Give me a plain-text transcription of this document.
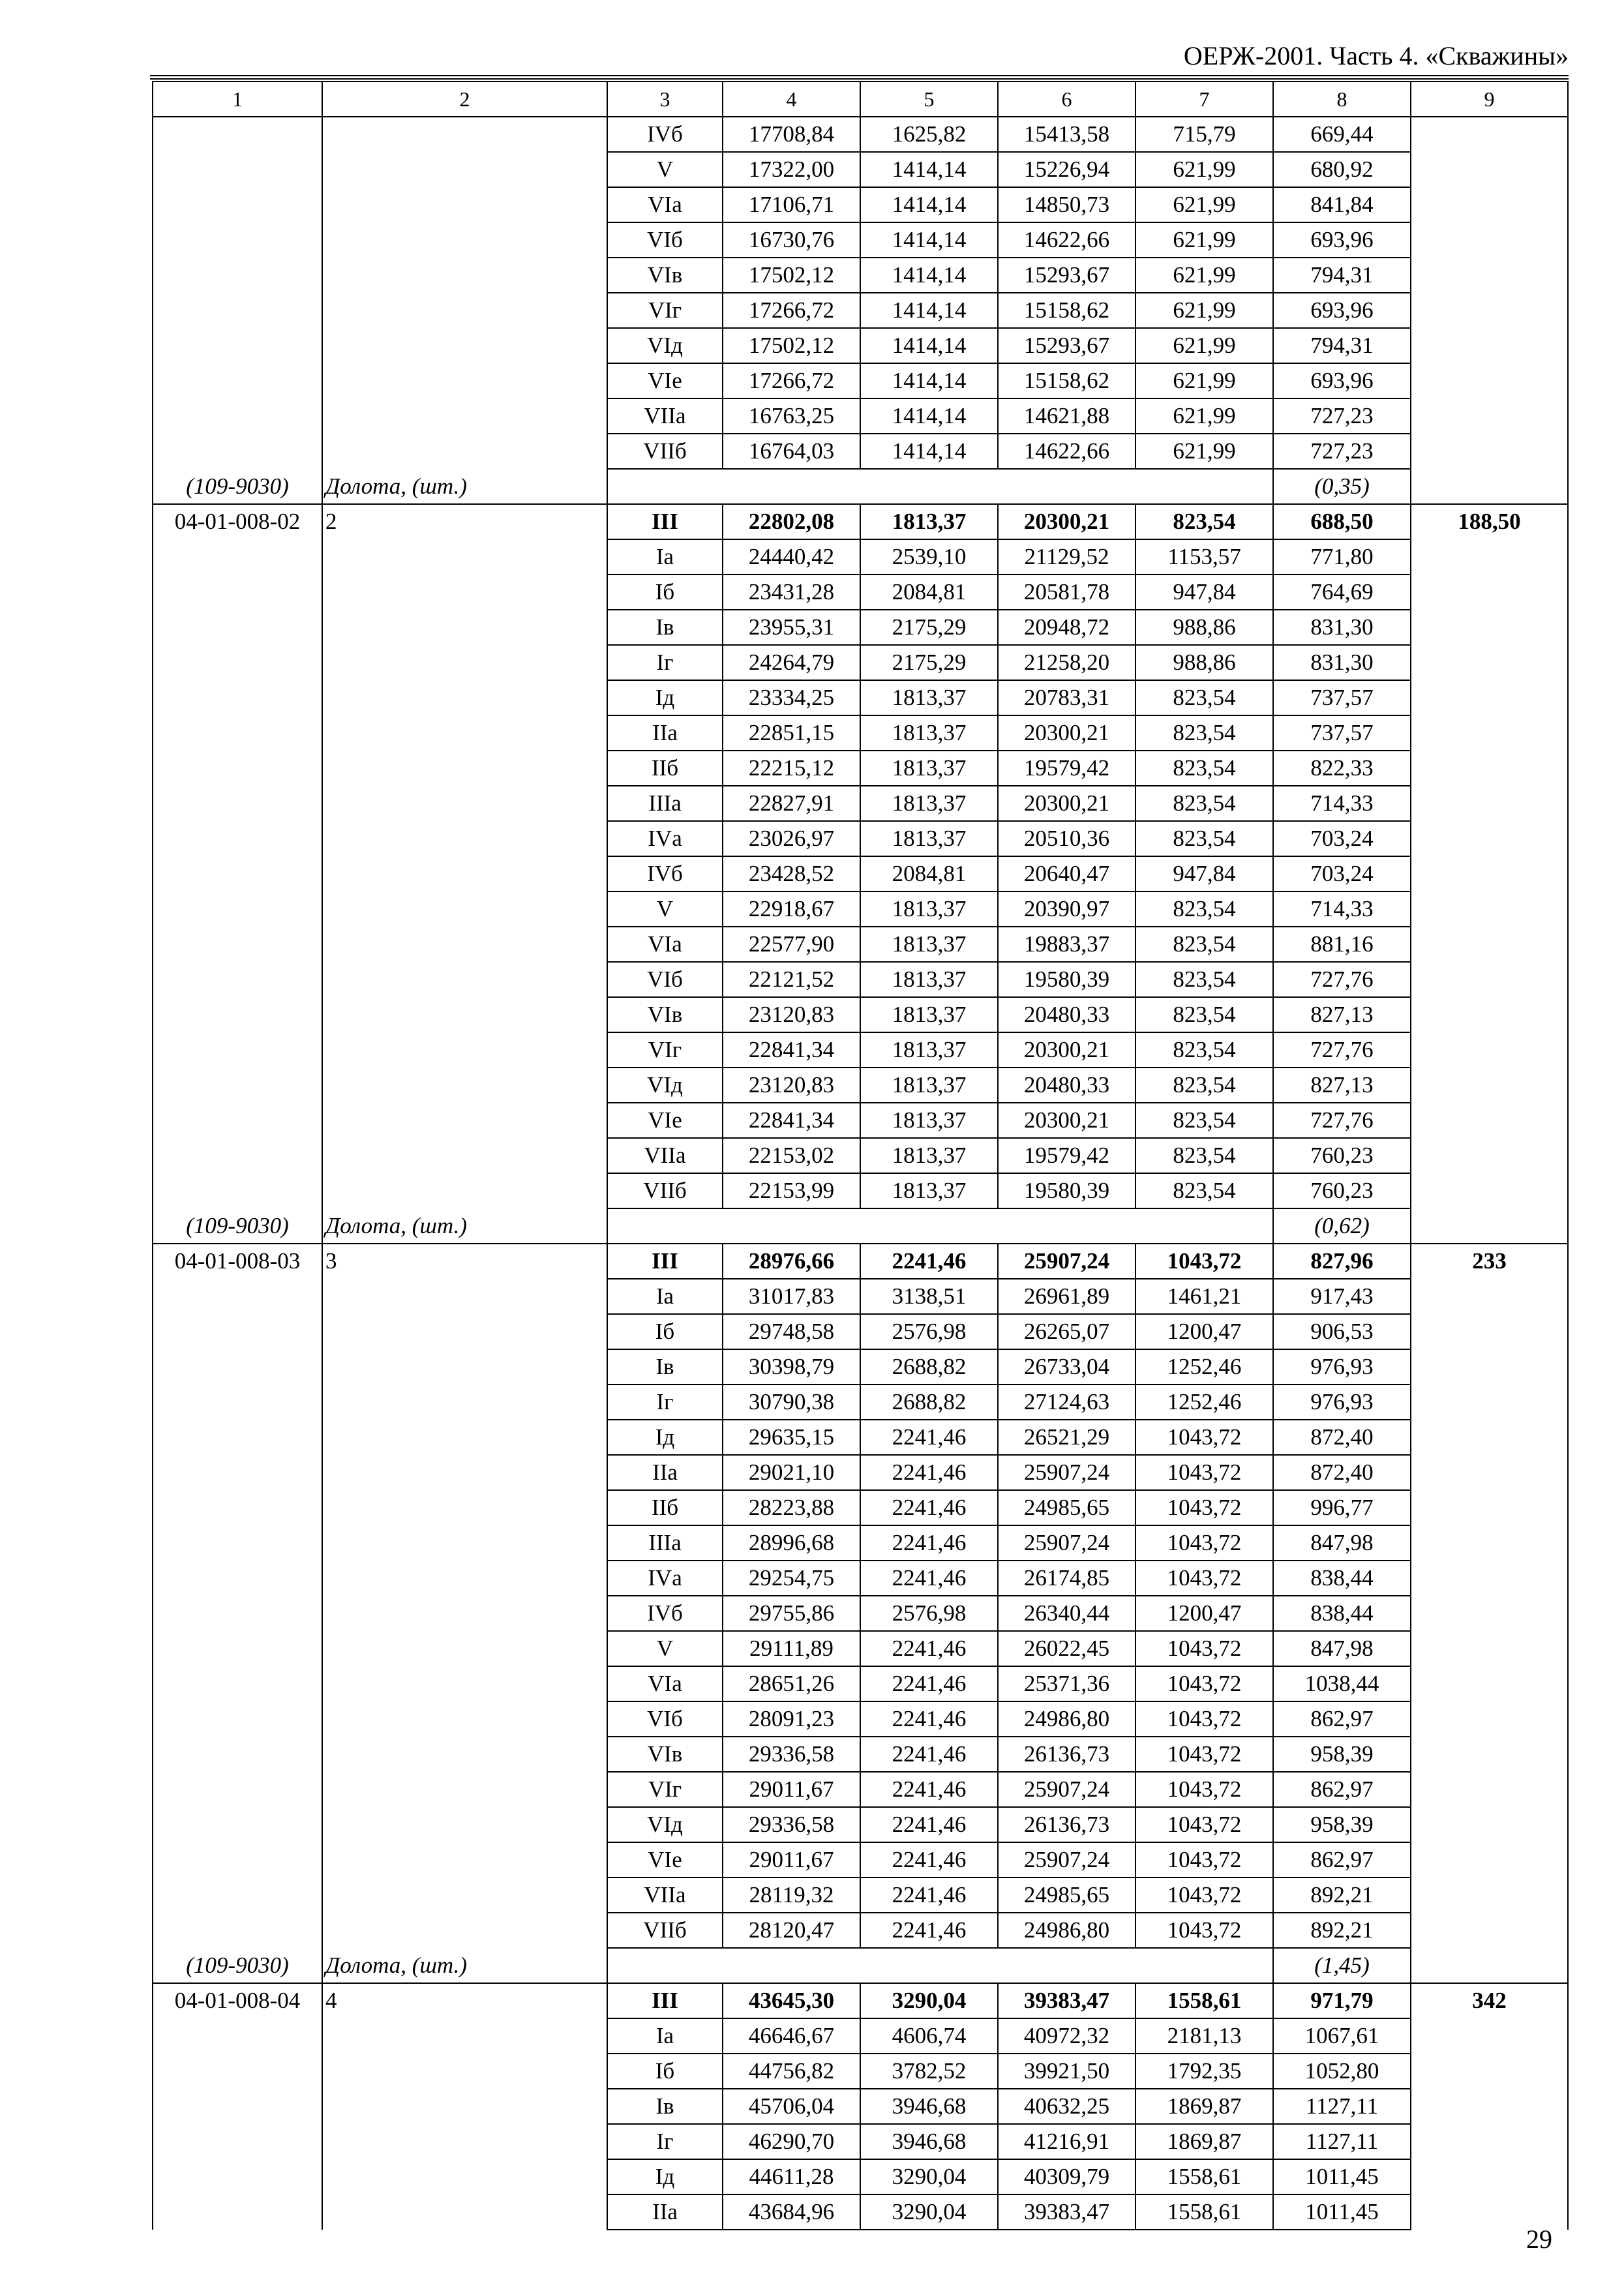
ОЕРЖ-2001. Часть 4. «Скважины»
1	2	3	4	5	6	7	8	9
		IVб	17708,84	1625,82	15413,58	715,79	669,44	
		V	17322,00	1414,14	15226,94	621,99	680,92	
		VIа	17106,71	1414,14	14850,73	621,99	841,84	
		VIб	16730,76	1414,14	14622,66	621,99	693,96	
		VIв	17502,12	1414,14	15293,67	621,99	794,31	
		VIг	17266,72	1414,14	15158,62	621,99	693,96	
		VIд	17502,12	1414,14	15293,67	621,99	794,31	
		VIе	17266,72	1414,14	15158,62	621,99	693,96	
		VIIа	16763,25	1414,14	14621,88	621,99	727,23	
		VIIб	16764,03	1414,14	14622,66	621,99	727,23	
(109-9030)	Долота, (шт.)						(0,35)	
04-01-008-02	2	III	22802,08	1813,37	20300,21	823,54	688,50	188,50
		Iа	24440,42	2539,10	21129,52	1153,57	771,80	
		Iб	23431,28	2084,81	20581,78	947,84	764,69	
		Iв	23955,31	2175,29	20948,72	988,86	831,30	
		Iг	24264,79	2175,29	21258,20	988,86	831,30	
		Iд	23334,25	1813,37	20783,31	823,54	737,57	
		IIа	22851,15	1813,37	20300,21	823,54	737,57	
		IIб	22215,12	1813,37	19579,42	823,54	822,33	
		IIIа	22827,91	1813,37	20300,21	823,54	714,33	
		IVа	23026,97	1813,37	20510,36	823,54	703,24	
		IVб	23428,52	2084,81	20640,47	947,84	703,24	
		V	22918,67	1813,37	20390,97	823,54	714,33	
		VIа	22577,90	1813,37	19883,37	823,54	881,16	
		VIб	22121,52	1813,37	19580,39	823,54	727,76	
		VIв	23120,83	1813,37	20480,33	823,54	827,13	
		VIг	22841,34	1813,37	20300,21	823,54	727,76	
		VIд	23120,83	1813,37	20480,33	823,54	827,13	
		VIе	22841,34	1813,37	20300,21	823,54	727,76	
		VIIа	22153,02	1813,37	19579,42	823,54	760,23	
		VIIб	22153,99	1813,37	19580,39	823,54	760,23	
(109-9030)	Долота, (шт.)						(0,62)	
04-01-008-03	3	III	28976,66	2241,46	25907,24	1043,72	827,96	233
		Iа	31017,83	3138,51	26961,89	1461,21	917,43	
		Iб	29748,58	2576,98	26265,07	1200,47	906,53	
		Iв	30398,79	2688,82	26733,04	1252,46	976,93	
		Iг	30790,38	2688,82	27124,63	1252,46	976,93	
		Iд	29635,15	2241,46	26521,29	1043,72	872,40	
		IIа	29021,10	2241,46	25907,24	1043,72	872,40	
		IIб	28223,88	2241,46	24985,65	1043,72	996,77	
		IIIа	28996,68	2241,46	25907,24	1043,72	847,98	
		IVа	29254,75	2241,46	26174,85	1043,72	838,44	
		IVб	29755,86	2576,98	26340,44	1200,47	838,44	
		V	29111,89	2241,46	26022,45	1043,72	847,98	
		VIа	28651,26	2241,46	25371,36	1043,72	1038,44	
		VIб	28091,23	2241,46	24986,80	1043,72	862,97	
		VIв	29336,58	2241,46	26136,73	1043,72	958,39	
		VIг	29011,67	2241,46	25907,24	1043,72	862,97	
		VIд	29336,58	2241,46	26136,73	1043,72	958,39	
		VIе	29011,67	2241,46	25907,24	1043,72	862,97	
		VIIа	28119,32	2241,46	24985,65	1043,72	892,21	
		VIIб	28120,47	2241,46	24986,80	1043,72	892,21	
(109-9030)	Долота, (шт.)						(1,45)	
04-01-008-04	4	III	43645,30	3290,04	39383,47	1558,61	971,79	342
		Iа	46646,67	4606,74	40972,32	2181,13	1067,61	
		Iб	44756,82	3782,52	39921,50	1792,35	1052,80	
		Iв	45706,04	3946,68	40632,25	1869,87	1127,11	
		Iг	46290,70	3946,68	41216,91	1869,87	1127,11	
		Iд	44611,28	3290,04	40309,79	1558,61	1011,45	
		IIа	43684,96	3290,04	39383,47	1558,61	1011,45	
29
